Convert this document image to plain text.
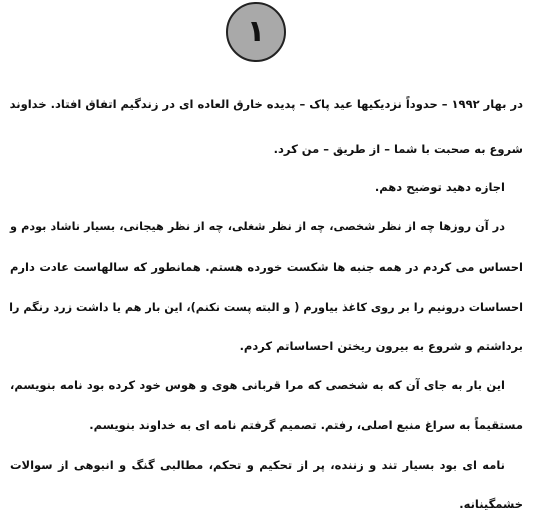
١
در بهار ۱۹۹۲ – حدوداً نزدیکیها عید پاک – پدیده خارق العاده ای در زندگیم اتفاق افتاد. خداوند
شروع به صحبت با شما – از طریق – من کرد.
اجازه دهید توضیح دهم.
در آن روزها چه از نظر شخصی، چه از نظر شغلی، چه از نظر هیجانی، بسیار ناشاد بودم و
احساس می کردم در همه جنبه ها شکست خورده هستم. همانطور که سالهاست عادت دارم
احساسات درونیم را بر روی کاغذ بیاورم ( و البته پست نکنم)، این بار هم یا داشت زرد رنگم را
برداشتم و شروع به بیرون ریختن احساساتم کردم.
این بار به جای آن که به شخصی که مرا قربانی هوی و هوس خود کرده بود نامه بنویسم،
مستقیماً به سراغ منبع اصلی، رفتم. تصمیم گرفتم نامه ای به خداوند بنویسم.
نامه ای بود بسیار تند و زننده، پر از تحکیم و تحکم، مطالبی گنگ و انبوهی از سوالات
خشمگینانه.
